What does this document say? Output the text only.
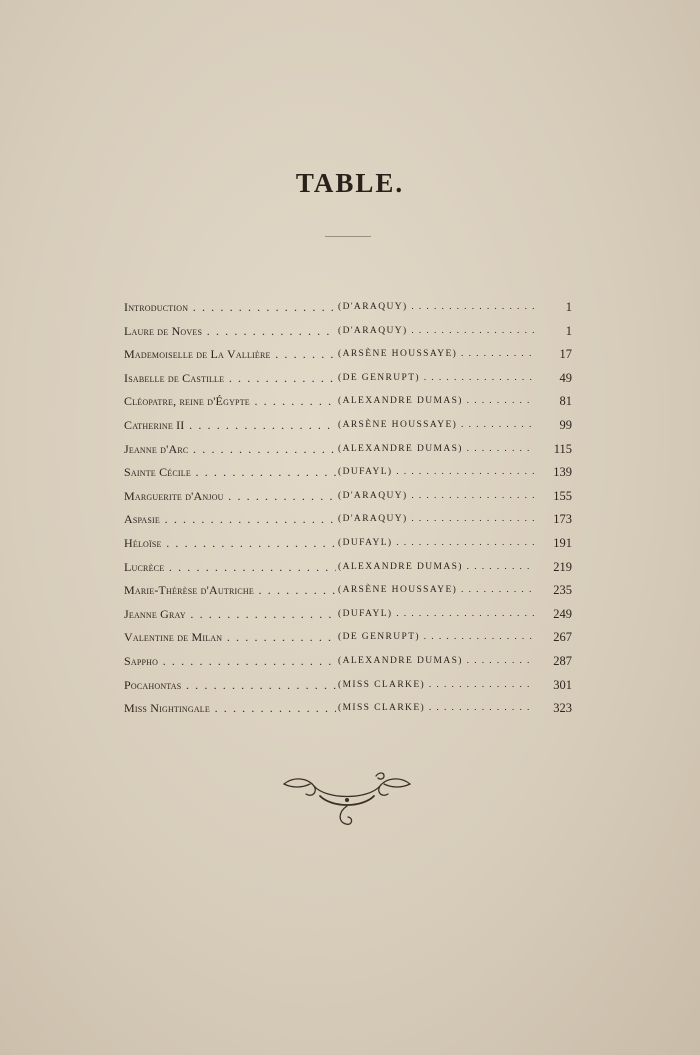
TABLE.
Introduction . . .	(D'ARAQUY) . . .	1
Laure de Noves . . .	(D'ARAQUY) . . .	1
Mademoiselle de La Vallière . . .	(ARSÈNE HOUSSAYE) . . .	17
Isabelle de Castille . . .	(DE GENRUPT) . . .	49
Cléopatre, reine d'Égypte . . .	(ALEXANDRE DUMAS) . . .	81
Catherine II . . .	(ARSÈNE HOUSSAYE) . . .	99
Jeanne d'Arc . . .	(ALEXANDRE DUMAS) . . .	115
Sainte Cécile . . .	(DUFAYL) . . .	139
Marguerite d'Anjou . . .	(D'ARAQUY) . . .	155
Aspasie . . .	(D'ARAQUY) . . .	173
Héloïse . . .	(DUFAYL) . . .	191
Lucrèce . . .	(ALEXANDRE DUMAS) . . .	219
Marie-Thérèse d'Autriche . . .	(ARSÈNE HOUSSAYE) . . .	235
Jeanne Gray . . .	(DUFAYL) . . .	249
Valentine de Milan . . .	(DE GENRUPT) . . .	267
Sappho . . .	(ALEXANDRE DUMAS) . . .	287
Pocahontas . . .	(MISS CLARKE) . . .	301
Miss Nightingale . . .	(MISS CLARKE) . . .	323
